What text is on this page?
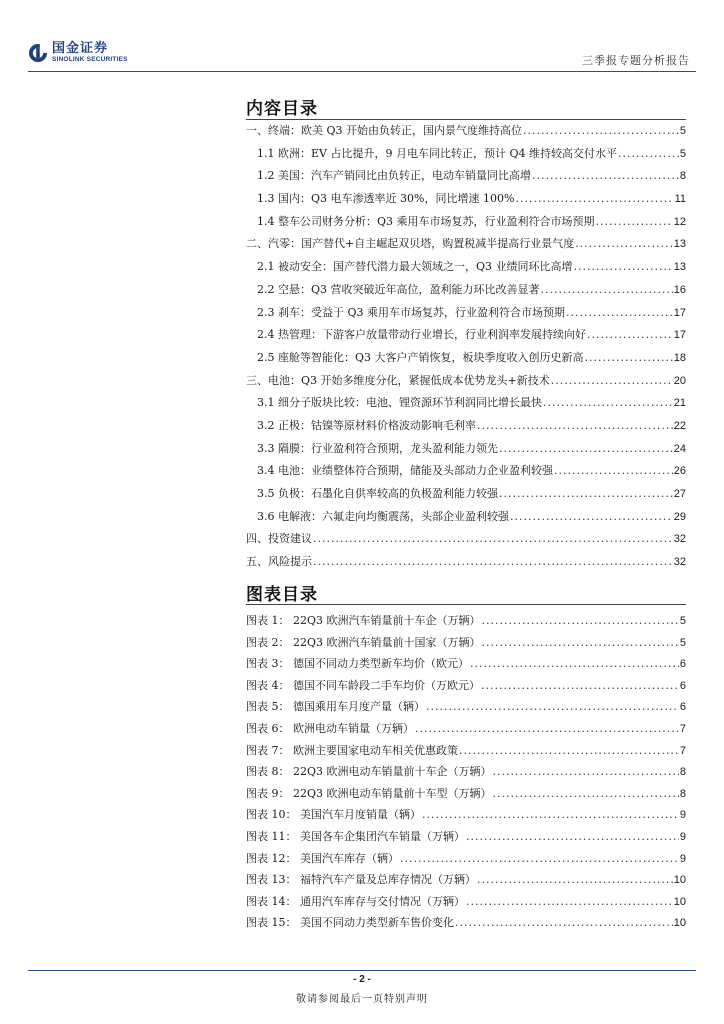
国金证券
SINOLINK SECURITIES	三季报专题分析报告
内容目录
一、终端：欧美 Q3 开始由负转正，国内景气度维持高位 .....	5
1.1 欧洲：EV 占比提升，9 月电车同比转正，预计 Q4 维持较高交付水平 .....	5
1.2 美国：汽车产销同比由负转正，电动车销量同比高增 .....	8
1.3 国内：Q3 电车渗透率近 30%，同比增速 100% .....	11
1.4 整车公司财务分析：Q3 乘用车市场复苏，行业盈利符合市场预期 .....	12
二、汽零：国产替代+自主崛起双贝塔，购置税减半提高行业景气度 .....	13
2.1 被动安全：国产替代潜力最大领域之一，Q3 业绩同环比高增 .....	13
2.2 空悬：Q3 营收突破近年高位，盈利能力环比改善显著 .....	16
2.3 刹车：受益于 Q3 乘用车市场复苏，行业盈利符合市场预期 .....	17
2.4 热管理：下游客户放量带动行业增长，行业利润率发展持续向好 .....	17
2.5 座舱等智能化：Q3 大客户产销恢复，板块季度收入创历史新高 .....	18
三、电池：Q3 开始多维度分化，紧握低成本优势龙头+新技术 .....	20
3.1 细分子版块比较：电池、锂资源环节利润同比增长最快 .....	21
3.2 正极：钴镍等原材料价格波动影响毛利率 .....	22
3.3 隔膜：行业盈利符合预期，龙头盈利能力领先 .....	24
3.4 电池：业绩整体符合预期，储能及头部动力企业盈利较强 .....	26
3.5 负极：石墨化自供率较高的负极盈利能力较强 .....	27
3.6 电解液：六氟走向均衡震荡，头部企业盈利较强 .....	29
四、投资建议 .....	32
五、风险提示 .....	32
图表目录
图表 1： 22Q3 欧洲汽车销量前十车企（万辆） .....	5
图表 2： 22Q3 欧洲汽车销量前十国家（万辆） .....	5
图表 3： 德国不同动力类型新车均价（欧元） .....	6
图表 4： 德国不同车龄段二手车均价（万欧元） .....	6
图表 5： 德国乘用车月度产量（辆） .....	6
图表 6： 欧洲电动车销量（万辆） .....	7
图表 7： 欧洲主要国家电动车相关优惠政策 .....	7
图表 8： 22Q3 欧洲电动车销量前十车企（万辆） .....	8
图表 9： 22Q3 欧洲电动车销量前十车型（万辆） .....	8
图表 10： 美国汽车月度销量（辆） .....	9
图表 11： 美国各车企集团汽车销量（万辆） .....	9
图表 12： 美国汽车库存（辆） .....	9
图表 13： 福特汽车产量及总库存情况（万辆） .....	10
图表 14： 通用汽车库存与交付情况（万辆） .....	10
图表 15： 美国不同动力类型新车售价变化 .....	10
- 2 -
敬请参阅最后一页特别声明
